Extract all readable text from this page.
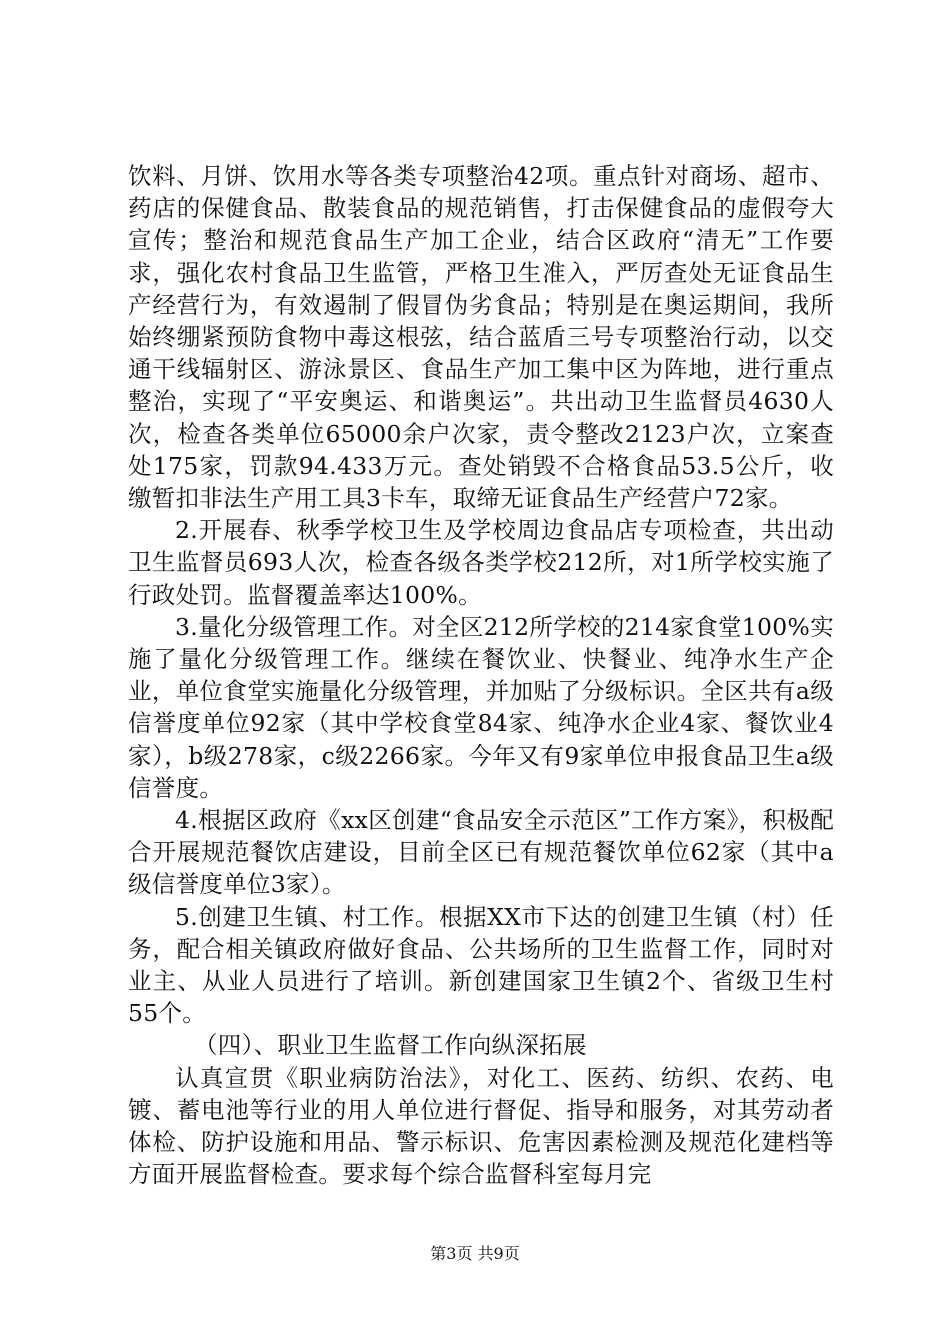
饮料、月饼、饮用水等各类专项整治42项。重点针对商场、超市、药店的保健食品、散装食品的规范销售，打击保健食品的虚假夸大宣传；整治和规范食品生产加工企业，结合区政府“清无”工作要求，强化农村食品卫生监管，严格卫生准入，严厉查处无证食品生产经营行为，有效遏制了假冒伪劣食品；特别是在奥运期间，我所始终绷紧预防食物中毒这根弦，结合蓝盾三号专项整治行动，以交通干线辐射区、游泳景区、食品生产加工集中区为阵地，进行重点整治，实现了“平安奥运、和谐奥运”。共出动卫生监督员4630人次，检查各类单位65000余户次家，责令整改2123户次，立案查处175家，罚款94.433万元。查处销毁不合格食品53.5公斤，收缴暂扣非法生产用工具3卡车，取缔无证食品生产经营户72家。

2.开展春、秋季学校卫生及学校周边食品店专项检查，共出动卫生监督员693人次，检查各级各类学校212所，对1所学校实施了行政处罚。监督覆盖率达100%。

3.量化分级管理工作。对全区212所学校的214家食堂100%实施了量化分级管理工作。继续在餐饮业、快餐业、纯净水生产企业，单位食堂实施量化分级管理，并加贴了分级标识。全区共有a级信誉度单位92家（其中学校食堂84家、纯净水企业4家、餐饮业4家），b级278家，c级2266家。今年又有9家单位申报食品卫生a级信誉度。

4.根据区政府《xx区创建“食品安全示范区”工作方案》，积极配合开展规范餐饮店建设，目前全区已有规范餐饮单位62家（其中a级信誉度单位3家）。

5.创建卫生镇、村工作。根据XX市下达的创建卫生镇（村）任务，配合相关镇政府做好食品、公共场所的卫生监督工作，同时对业主、从业人员进行了培训。新创建国家卫生镇2个、省级卫生村55个。

（四）、职业卫生监督工作向纵深拓展

认真宣贯《职业病防治法》，对化工、医药、纺织、农药、电镀、蓄电池等行业的用人单位进行督促、指导和服务，对其劳动者体检、防护设施和用品、警示标识、危害因素检测及规范化建档等方面开展监督检查。要求每个综合监督科室每月完

第3页 共9页
